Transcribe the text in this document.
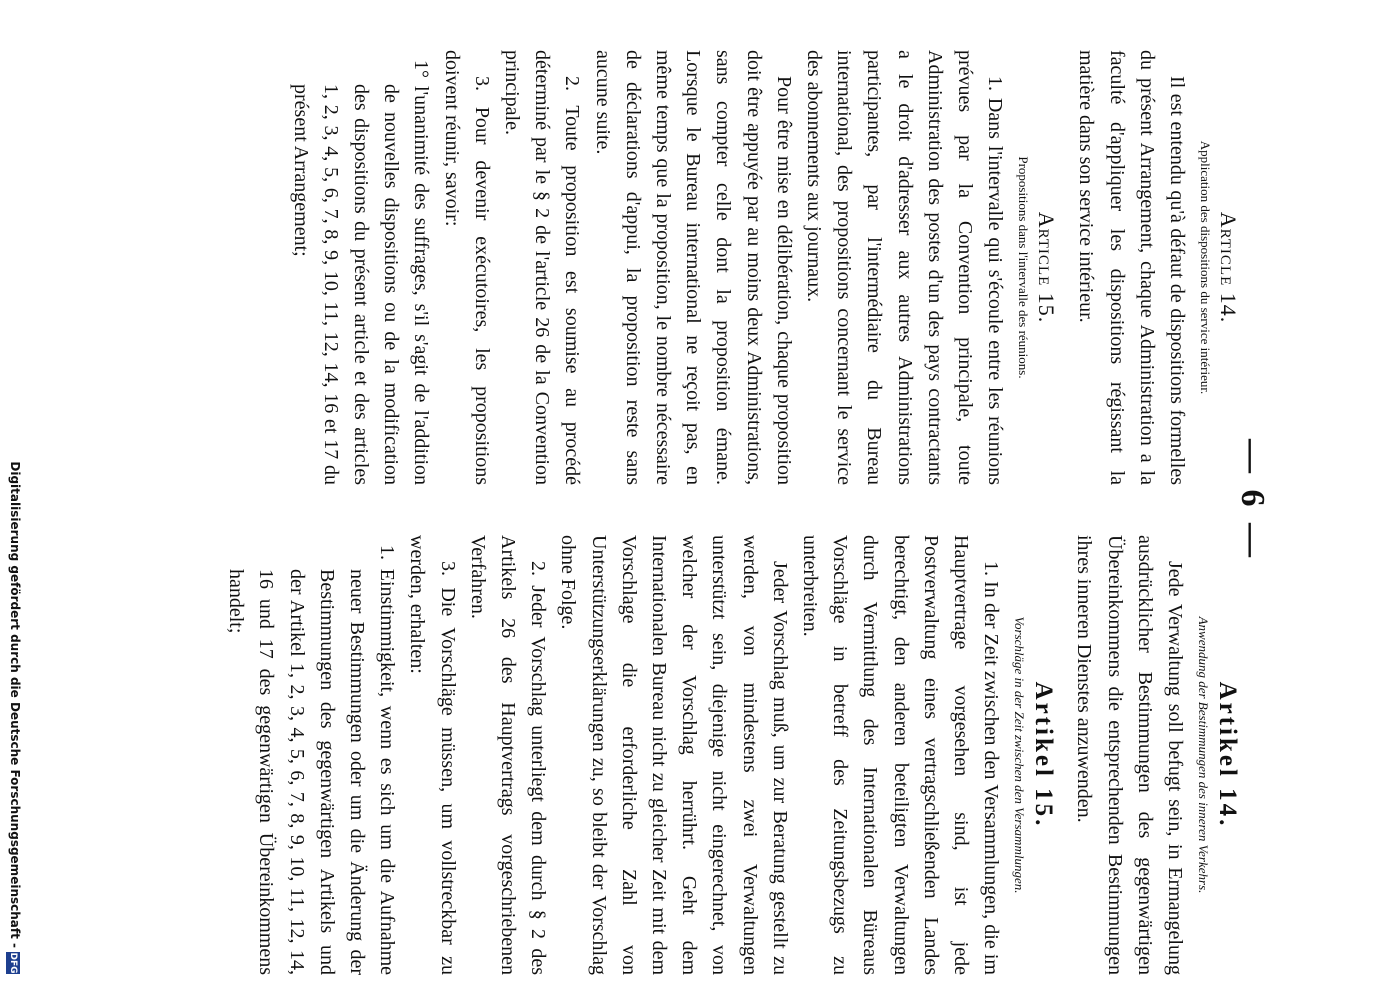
— 6 —
Article 14.
Application des dispositions du service intérieur.

Il est entendu qu'à défaut de dispositions formelles du présent Arrangement, chaque Administration a la faculté d'appliquer les dispositions régissant la matière dans son service intérieur.

Article 15.
Propositions dans l'intervalle des réunions.

1. Dans l'intervalle qui s'écoule entre les réunions prévues par la Convention principale, toute Administration des postes d'un des pays contractants a le droit d'adresser aux autres Administrations participantes, par l'intermédiaire du Bureau international, des propositions concernant le service des abonnements aux journaux.

Pour être mise en délibération, chaque proposition doit être appuyée par au moins deux Administrations, sans compter celle dont la proposition émane. Lorsque le Bureau international ne reçoit pas, en même temps que la proposition, le nombre nécessaire de déclarations d'appui, la proposition reste sans aucune suite.

2. Toute proposition est soumise au procédé déterminé par le § 2 de l'article 26 de la Convention principale.

3. Pour devenir exécutoires, les propositions doivent réunir, savoir:

1° l'unanimité des suffrages, s'il s'agit de l'addition de nouvelles dispositions ou de la modification des dispositions du présent article et des articles 1, 2, 3, 4, 5, 6, 7, 8, 9, 10, 11, 12, 14, 16 et 17 du présent Arrangement;
Artikel 14.
Anwendung der Bestimmungen des inneren Verkehrs.

Jede Verwaltung soll befugt sein, in Ermangelung ausdrücklicher Bestimmungen des gegenwärtigen Übereinkommens die entsprechenden Bestimmungen ihres inneren Dienstes anzuwenden.

Artikel 15.
Vorschläge in der Zeit zwischen den Versammlungen.

1. In der Zeit zwischen den Versammlungen, die im Hauptvertrage vorgesehen sind, ist jede Postverwaltung eines vertragschließenden Landes berechtigt, den anderen beteiligten Verwaltungen durch Vermittlung des Internationalen Büreaus Vorschläge in betreff des Zeitungsbezugs zu unterbreiten.

Jeder Vorschlag muß, um zur Beratung gestellt zu werden, von mindestens zwei Verwaltungen unterstützt sein, diejenige nicht eingerechnet, von welcher der Vorschlag herrührt. Geht dem Internationalen Bureau nicht zu gleicher Zeit mit dem Vorschlage die erforderliche Zahl von Unterstützungserklärungen zu, so bleibt der Vorschlag ohne Folge.

2. Jeder Vorschlag unterliegt dem durch § 2 des Artikels 26 des Hauptvertrags vorgeschriebenen Verfahren.

3. Die Vorschläge müssen, um vollstreckbar zu werden, erhalten:

1. Einstimmigkeit, wenn es sich um die Aufnahme neuer Bestimmungen oder um die Änderung der Bestimmungen des gegenwärtigen Artikels und der Artikel 1, 2, 3, 4, 5, 6, 7, 8, 9, 10, 11, 12, 14, 16 und 17 des gegenwärtigen Übereinkommens handelt;
Digitalisierung gefördert durch die Deutsche Forschungsgemeinschaft -
DFG
